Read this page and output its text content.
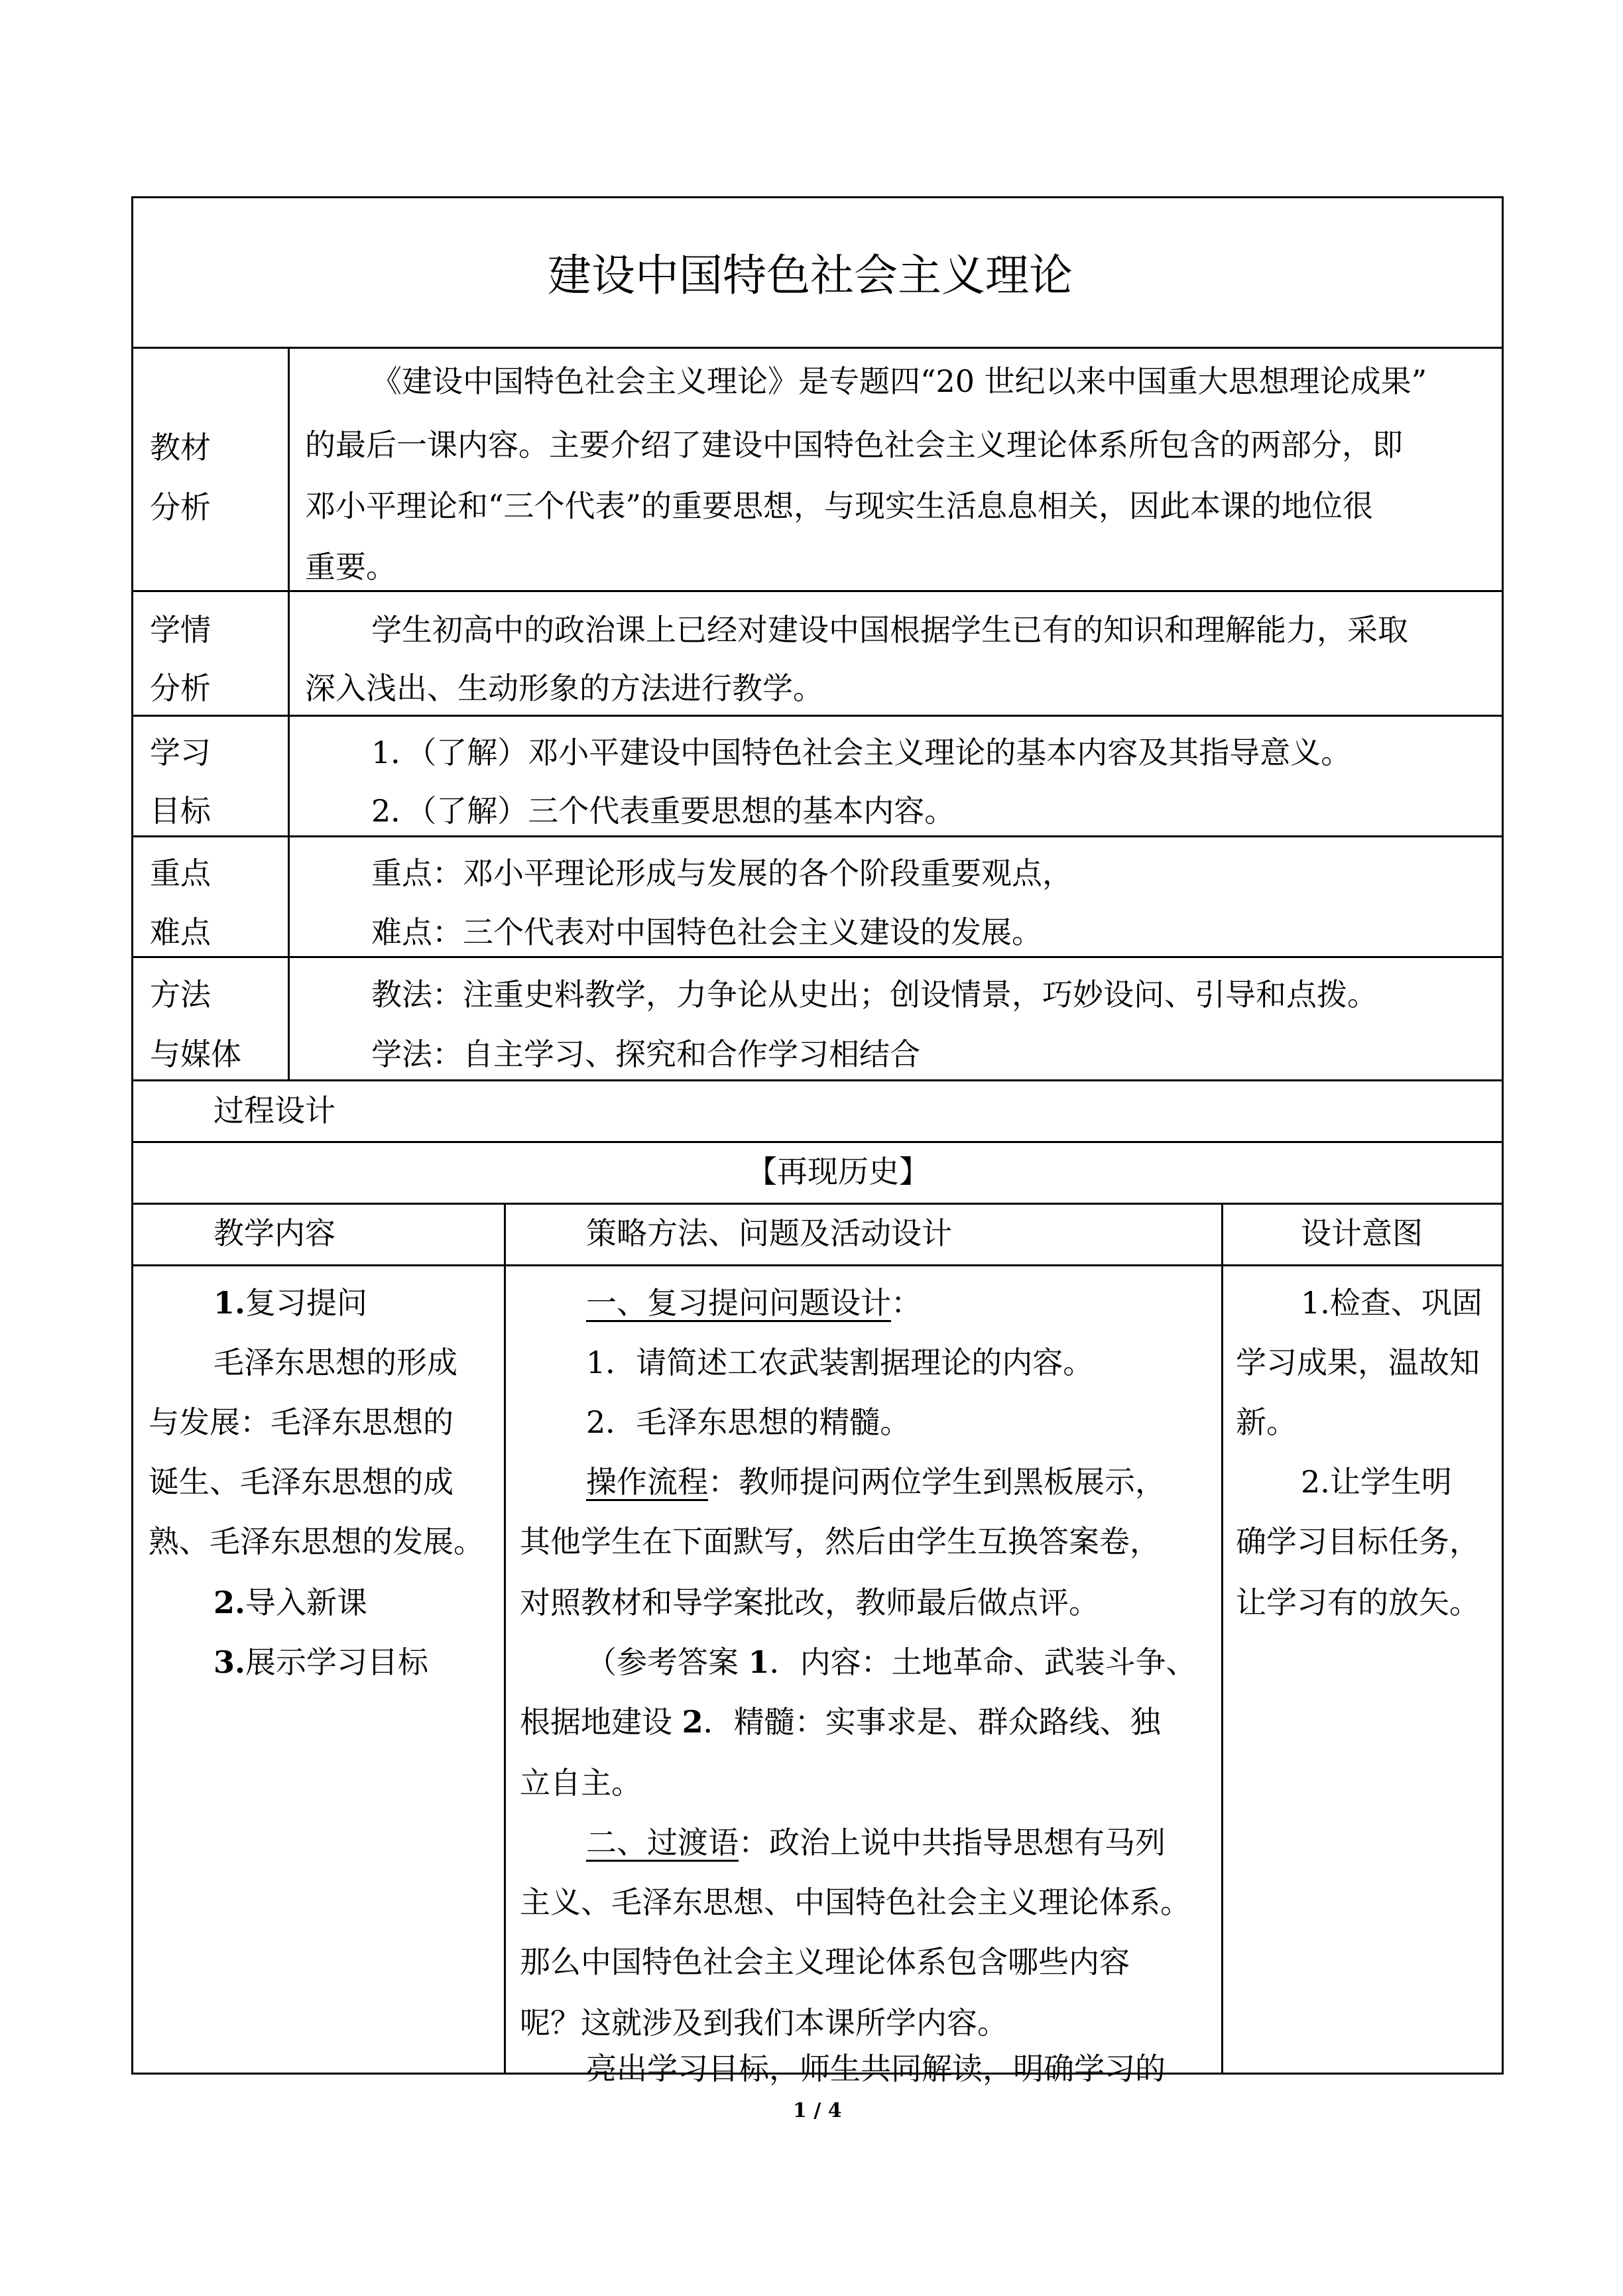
建设中国特色社会主义理论
教材
分析
《建设中国特色社会主义理论》是专题四“20 世纪以来中国重大思想理论成果”
的最后一课内容。主要介绍了建设中国特色社会主义理论体系所包含的两部分，即
邓小平理论和“三个代表”的重要思想，与现实生活息息相关，因此本课的地位很
重要。
学情
分析
学生初高中的政治课上已经对建设中国根据学生已有的知识和理解能力，采取
深入浅出、生动形象的方法进行教学。
学习
目标
1．（了解）邓小平建设中国特色社会主义理论的基本内容及其指导意义。
2．（了解）三个代表重要思想的基本内容。
重点
难点
重点：邓小平理论形成与发展的各个阶段重要观点，
难点：三个代表对中国特色社会主义建设的发展。
方法
与媒体
教法：注重史料教学，力争论从史出；创设情景，巧妙设问、引导和点拨。
学法：自主学习、探究和合作学习相结合
过程设计
【再现历史】
教学内容	策略方法、问题及活动设计	设计意图
1.复习提问
毛泽东思想的形成
与发展：毛泽东思想的
诞生、毛泽东思想的成
熟、毛泽东思想的发展。
2.导入新课
3.展示学习目标
一、复习提问问题设计：
1．请简述工农武装割据理论的内容。
2．毛泽东思想的精髓。
操作流程：教师提问两位学生到黑板展示，
其他学生在下面默写，然后由学生互换答案卷，
对照教材和导学案批改，教师最后做点评。
（参考答案 1．内容：土地革命、武装斗争、
根据地建设 2．精髓：实事求是、群众路线、独
立自主。
二、过渡语：政治上说中共指导思想有马列
主义、毛泽东思想、中国特色社会主义理论体系。
那么中国特色社会主义理论体系包含哪些内容
呢？这就涉及到我们本课所学内容。
亮出学习目标，师生共同解读，明确学习的
1.检查、巩固
学习成果，温故知
新。
2.让学生明
确学习目标任务，
让学习有的放矢。
1 / 4
